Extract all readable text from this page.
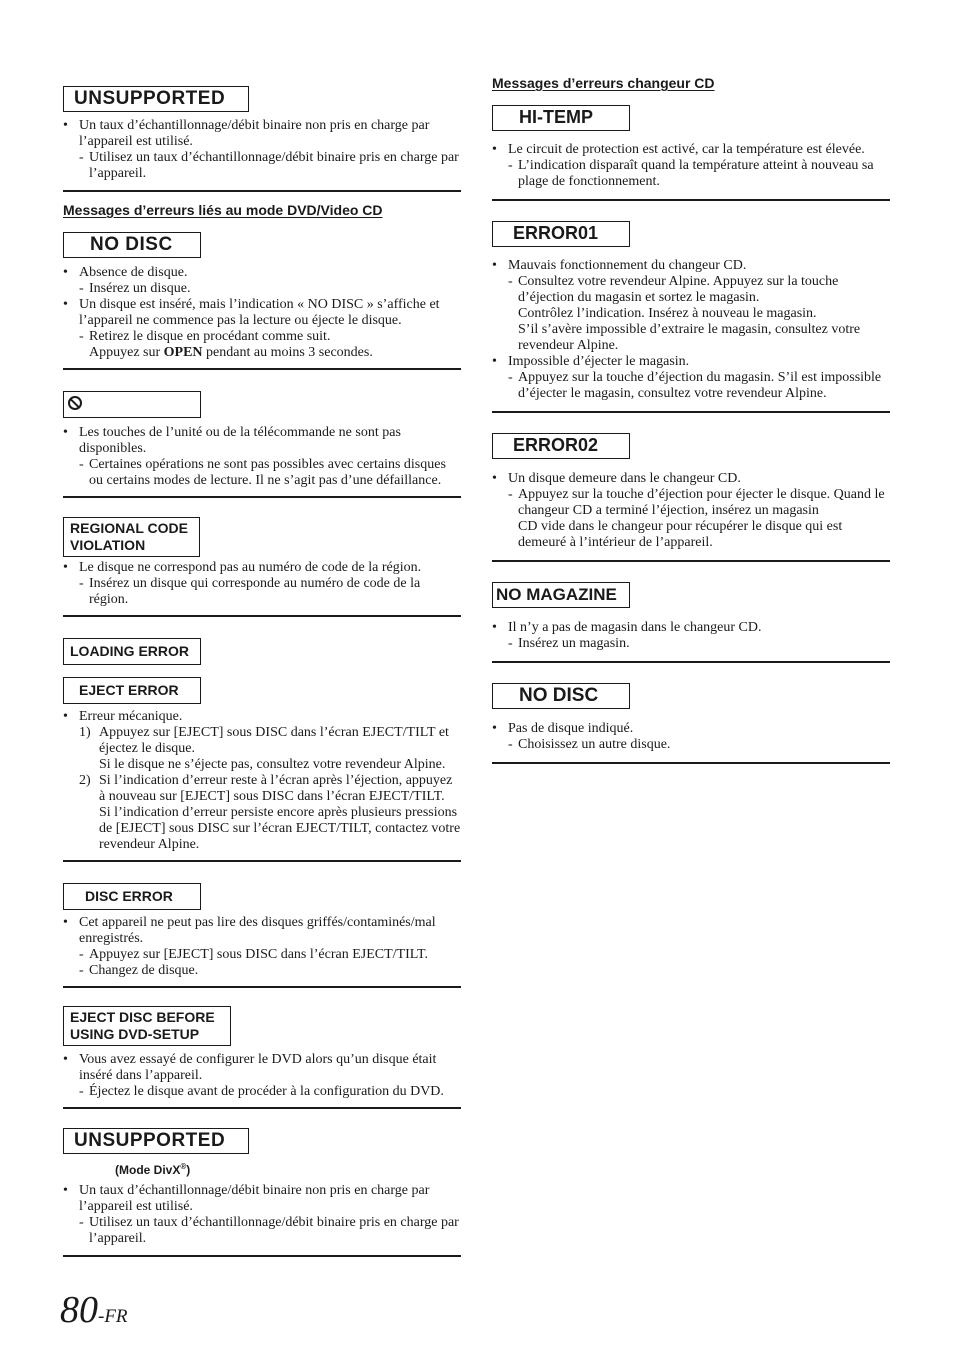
UNSUPPORTED
• Un taux d’échantillonnage/débit binaire non pris en charge par l’appareil est utilisé.
- Utilisez un taux d’échantillonnage/débit binaire pris en charge par l’appareil.
Messages d’erreurs liés au mode DVD/Video CD
NO DISC
• Absence de disque.
- Insérez un disque.
• Un disque est inséré, mais l’indication « NO DISC » s’affiche et l’appareil ne commence pas la lecture ou éjecte le disque.
- Retirez le disque en procédant comme suit.
Appuyez sur OPEN pendant au moins 3 secondes.
• Les touches de l’unité ou de la télécommande ne sont pas disponibles.
- Certaines opérations ne sont pas possibles avec certains disques ou certains modes de lecture. Il ne s’agit pas d’une défaillance.
REGIONAL CODE
VIOLATION
• Le disque ne correspond pas au numéro de code de la région.
- Insérez un disque qui corresponde au numéro de code de la région.
LOADING ERROR
EJECT ERROR
• Erreur mécanique.
1) Appuyez sur [EJECT] sous DISC dans l’écran EJECT/TILT et éjectez le disque.
Si le disque ne s’éjecte pas, consultez votre revendeur Alpine.
2) Si l’indication d’erreur reste à l’écran après l’éjection, appuyez à nouveau sur [EJECT] sous DISC dans l’écran EJECT/TILT.
Si l’indication d’erreur persiste encore après plusieurs pressions de [EJECT] sous DISC sur l’écran EJECT/TILT, contactez votre revendeur Alpine.
DISC ERROR
• Cet appareil ne peut pas lire des disques griffés/contaminés/mal enregistrés.
- Appuyez sur [EJECT] sous DISC dans l’écran EJECT/TILT.
- Changez de disque.
EJECT DISC BEFORE
USING DVD-SETUP
• Vous avez essayé de configurer le DVD alors qu’un disque était inséré dans l’appareil.
- Éjectez le disque avant de procéder à la configuration du DVD.
UNSUPPORTED
(Mode DivX®)
• Un taux d’échantillonnage/débit binaire non pris en charge par l’appareil est utilisé.
- Utilisez un taux d’échantillonnage/débit binaire pris en charge par l’appareil.
Messages d’erreurs changeur CD
HI-TEMP
• Le circuit de protection est activé, car la température est élevée.
- L’indication disparaît quand la température atteint à nouveau sa plage de fonctionnement.
ERROR01
• Mauvais fonctionnement du changeur CD.
- Consultez votre revendeur Alpine. Appuyez sur la touche d’éjection du magasin et sortez le magasin.
Contrôlez l’indication. Insérez à nouveau le magasin.
S’il s’avère impossible d’extraire le magasin, consultez votre revendeur Alpine.
• Impossible d’éjecter le magasin.
- Appuyez sur la touche d’éjection du magasin. S’il est impossible d’éjecter le magasin, consultez votre revendeur Alpine.
ERROR02
• Un disque demeure dans le changeur CD.
- Appuyez sur la touche d’éjection pour éjecter le disque. Quand le changeur CD a terminé l’éjection, insérez un magasin
CD vide dans le changeur pour récupérer le disque qui est demeuré à l’intérieur de l’appareil.
NO MAGAZINE
• Il n’y a pas de magasin dans le changeur CD.
- Insérez un magasin.
NO DISC
• Pas de disque indiqué.
- Choisissez un autre disque.
80-FR
